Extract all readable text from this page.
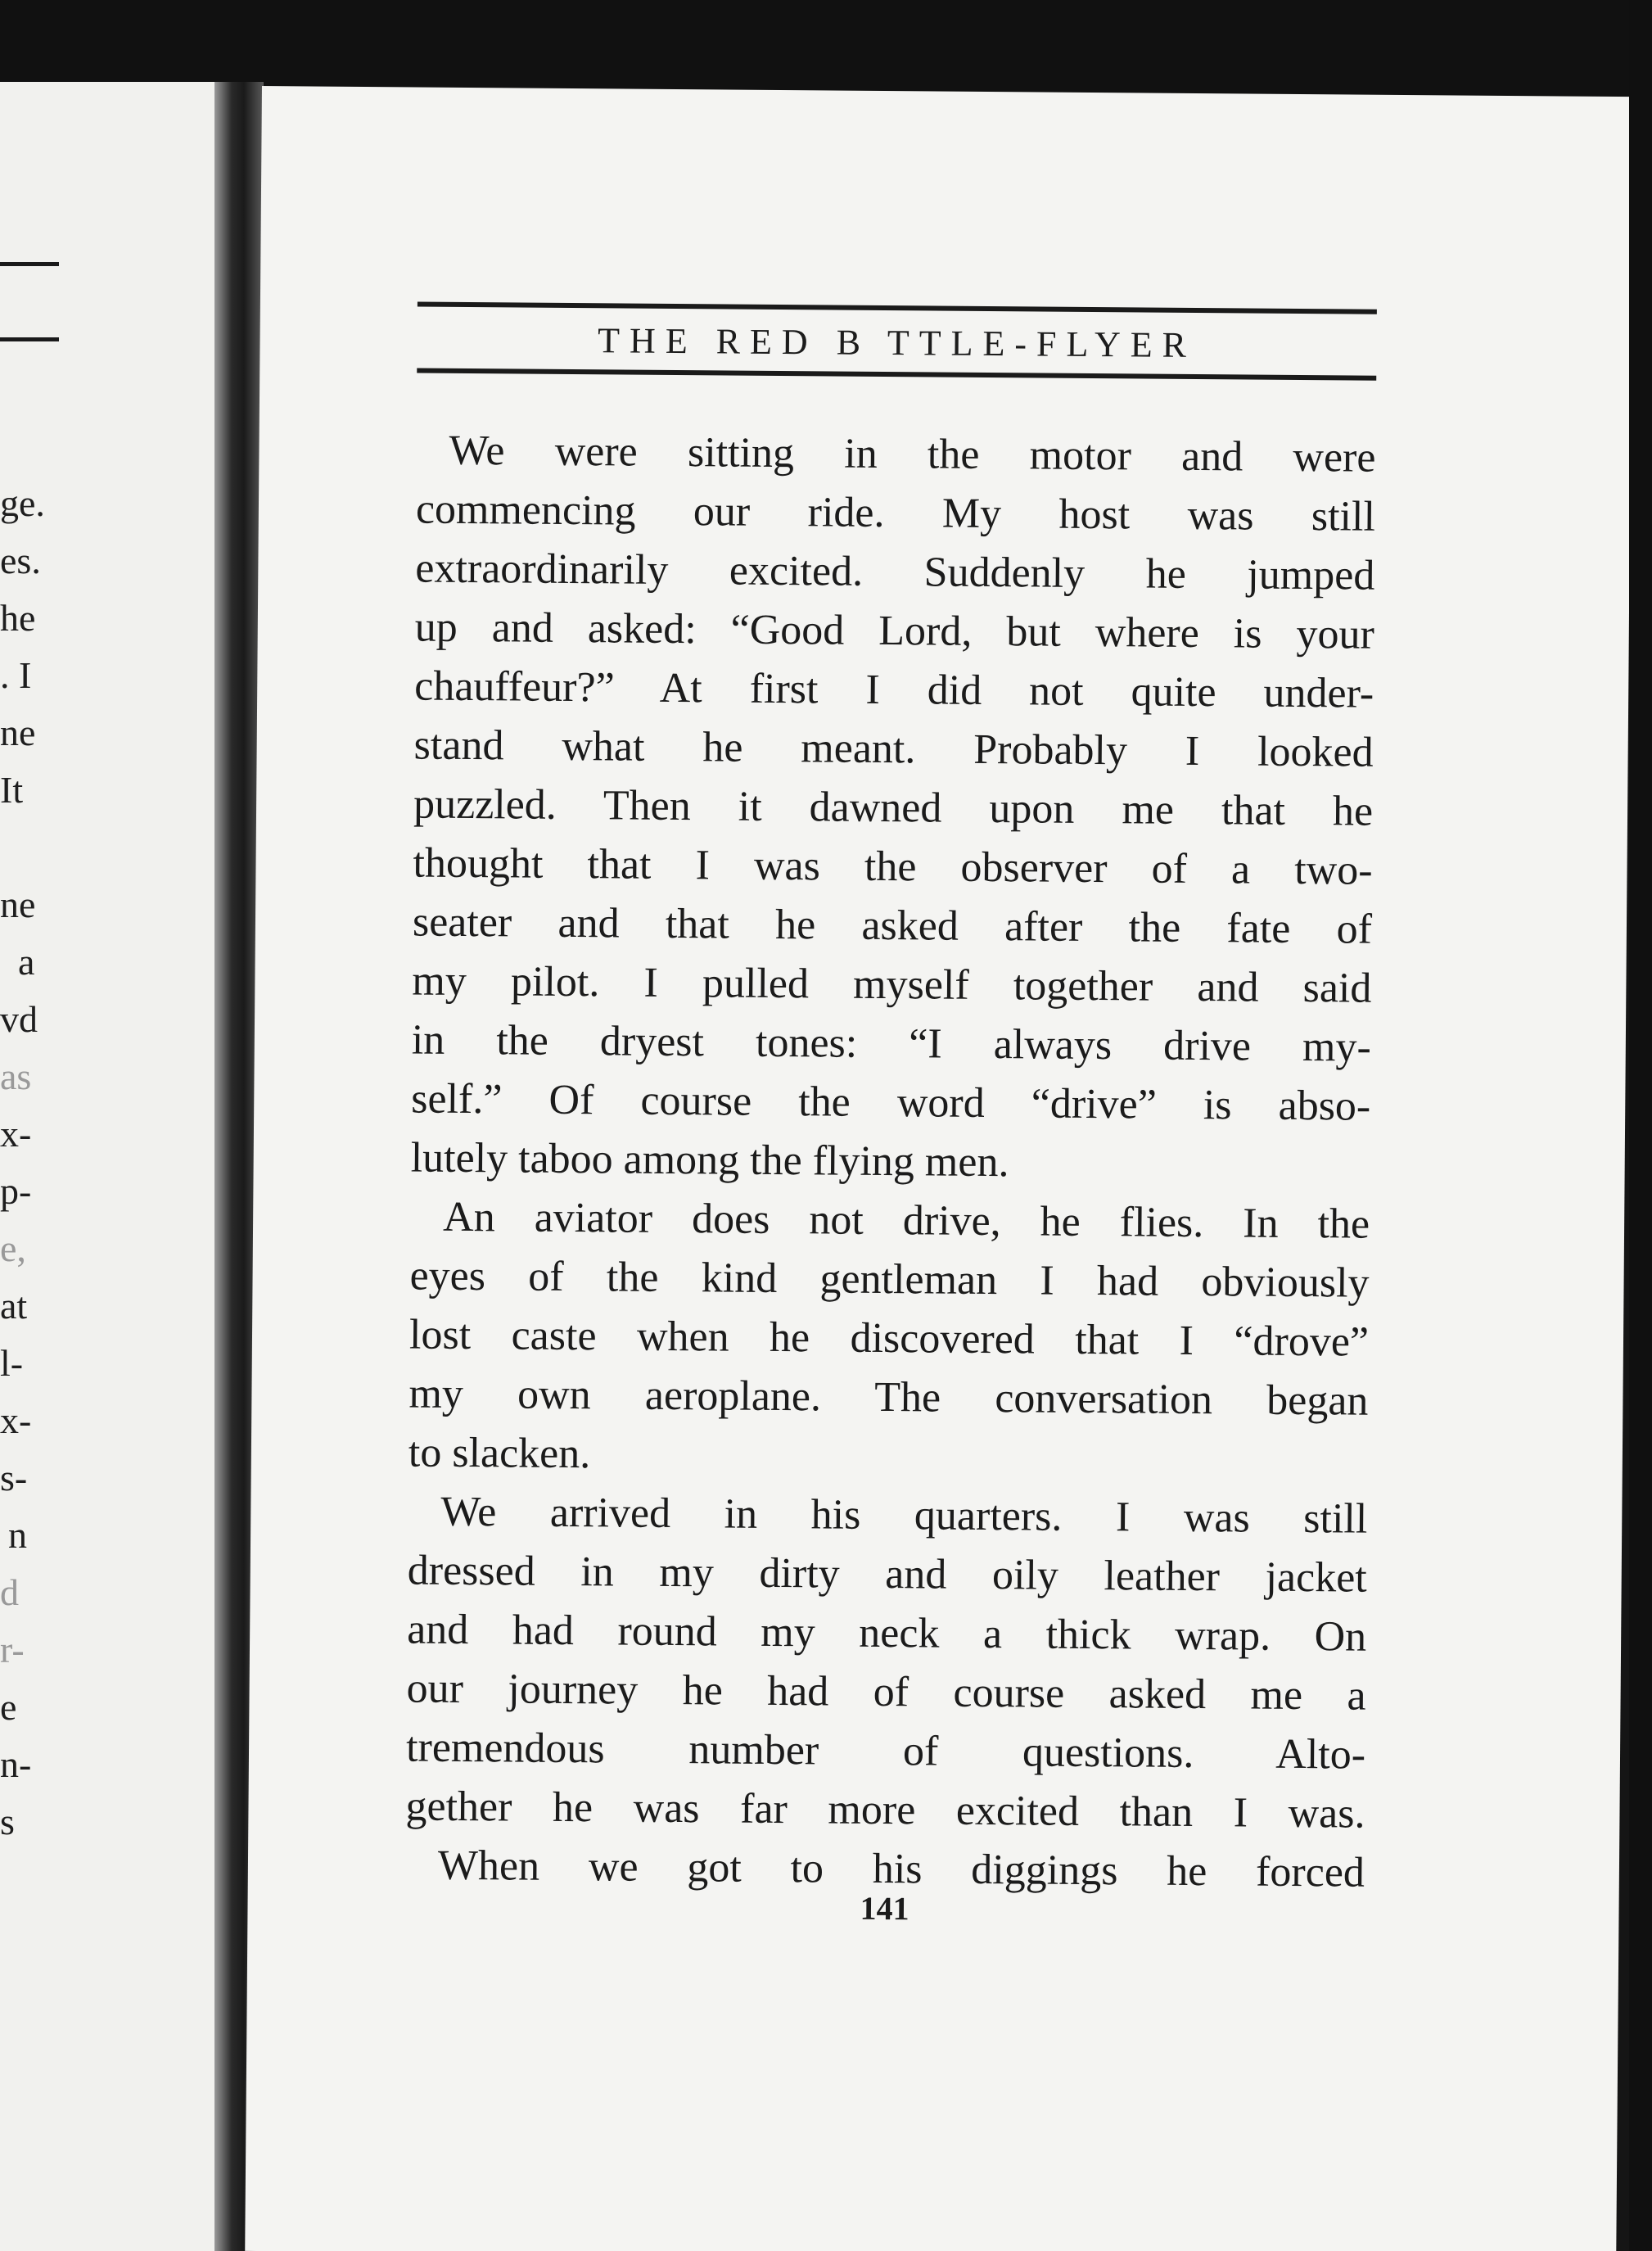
ge.
es.
he
. I
ne
It
ne
a
vd
as
x-
p-
e,
at
l-
x-
s-
n
d
r-
e
n-
s
THE RED B TTLE-FLYER
We were sitting in the motor and were
commencing our ride. My host was still
extraordinarily excited. Suddenly he jumped
up and asked: “Good Lord, but where is your
chauffeur?” At first I did not quite under-
stand what he meant. Probably I looked
puzzled. Then it dawned upon me that he
thought that I was the observer of a two-
seater and that he asked after the fate of
my pilot. I pulled myself together and said
in the dryest tones: “I always drive my-
self.” Of course the word “drive” is abso-
lutely taboo among the flying men.
An aviator does not drive, he flies. In the
eyes of the kind gentleman I had obviously
lost caste when he discovered that I “drove”
my own aeroplane. The conversation began
to slacken.
We arrived in his quarters. I was still
dressed in my dirty and oily leather jacket
and had round my neck a thick wrap. On
our journey he had of course asked me a
tremendous number of questions. Alto-
gether he was far more excited than I was.
When we got to his diggings he forced
141
